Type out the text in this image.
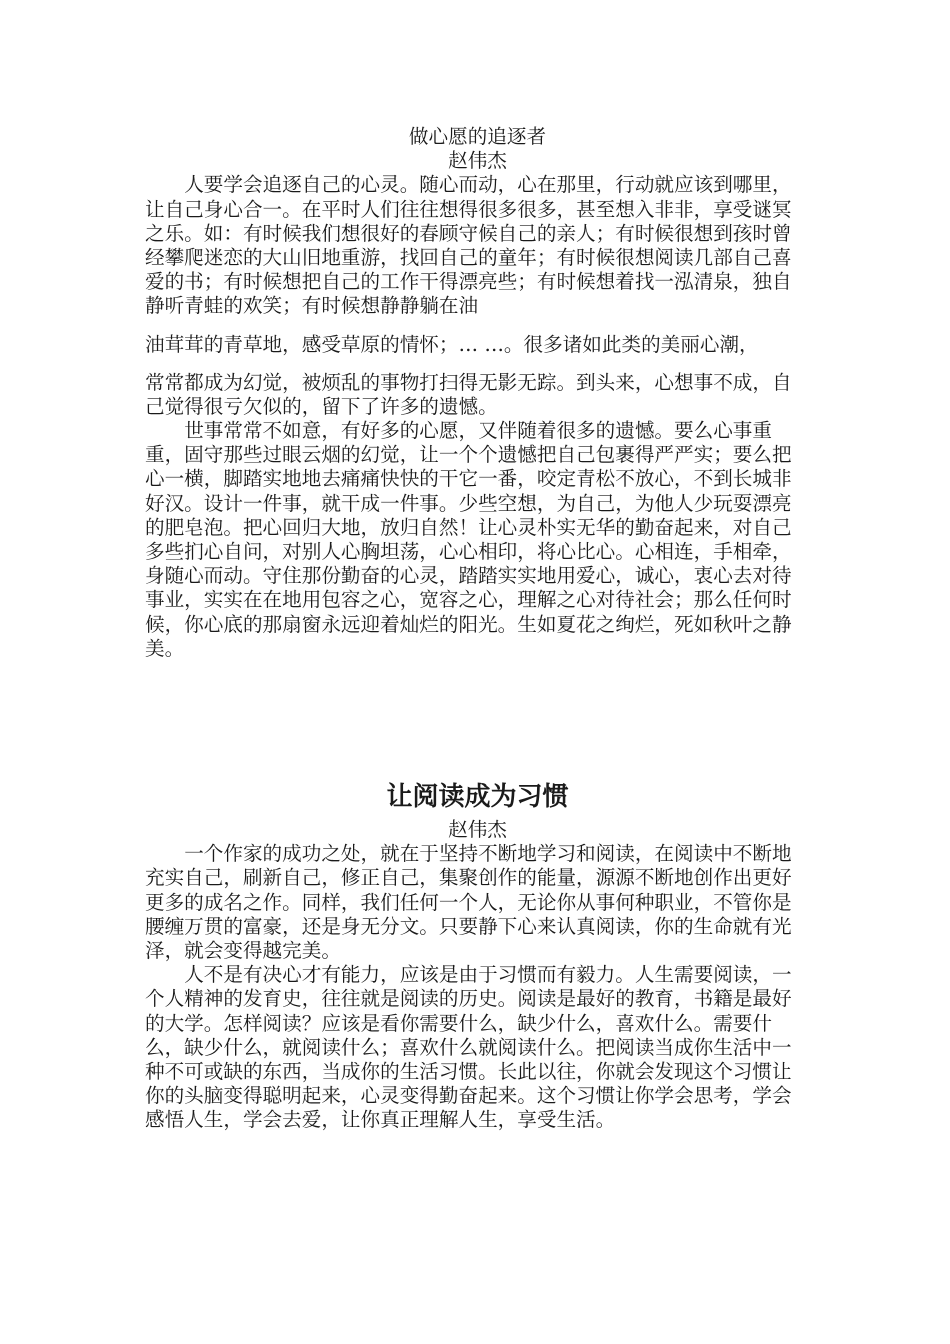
做心愿的追逐者

赵伟杰

人要学会追逐自己的心灵。随心而动，心在那里，行动就应该到哪里，让自己身心合一。在平时人们往往想得很多很多，甚至想入非非，享受谜冥之乐。如：有时候我们想很好的春顾守候自己的亲人；有时候很想到孩时曾经攀爬迷恋的大山旧地重游，找回自己的童年；有时候很想阅读几部自己喜爱的书；有时候想把自己的工作干得漂亮些；有时候想着找一泓清泉，独自静听青蛙的欢笑；有时候想静静躺在油

油茸茸的青草地，感受草原的情怀；… …。很多诸如此类的美丽心潮，

常常都成为幻觉，被烦乱的事物打扫得无影无踪。到头来，心想事不成，自己觉得很亏欠似的，留下了许多的遗憾。

世事常常不如意，有好多的心愿，又伴随着很多的遗憾。要么心事重重，固守那些过眼云烟的幻觉，让一个个遗憾把自己包裹得严严实；要么把心一横，脚踏实地地去痛痛快快的干它一番，咬定青松不放心，不到长城非好汉。设计一件事，就干成一件事。少些空想，为自己，为他人少玩耍漂亮的肥皂泡。把心回归大地，放归自然！让心灵朴实无华的勤奋起来，对自己多些扪心自问，对别人心胸坦荡，心心相印，将心比心。心相连，手相牵，身随心而动。守住那份勤奋的心灵，踏踏实实地用爱心，诚心，衷心去对待事业，实实在在地用包容之心，宽容之心，理解之心对待社会；那么任何时候，你心底的那扇窗永远迎着灿烂的阳光。生如夏花之绚烂，死如秋叶之静美。

让阅读成为习惯

赵伟杰

一个作家的成功之处，就在于坚持不断地学习和阅读，在阅读中不断地充实自己，刷新自己，修正自己，集聚创作的能量，源源不断地创作出更好更多的成名之作。同样，我们任何一个人，无论你从事何种职业，不管你是腰缠万贯的富豪，还是身无分文。只要静下心来认真阅读，你的生命就有光泽，就会变得越完美。

人不是有决心才有能力，应该是由于习惯而有毅力。人生需要阅读，一个人精神的发育史，往往就是阅读的历史。阅读是最好的教育，书籍是最好的大学。怎样阅读？应该是看你需要什么，缺少什么，喜欢什么。需要什么，缺少什么，就阅读什么；喜欢什么就阅读什么。把阅读当成你生活中一种不可或缺的东西，当成你的生活习惯。长此以往，你就会发现这个习惯让你的头脑变得聪明起来，心灵变得勤奋起来。这个习惯让你学会思考，学会感悟人生，学会去爱，让你真正理解人生，享受生活。
